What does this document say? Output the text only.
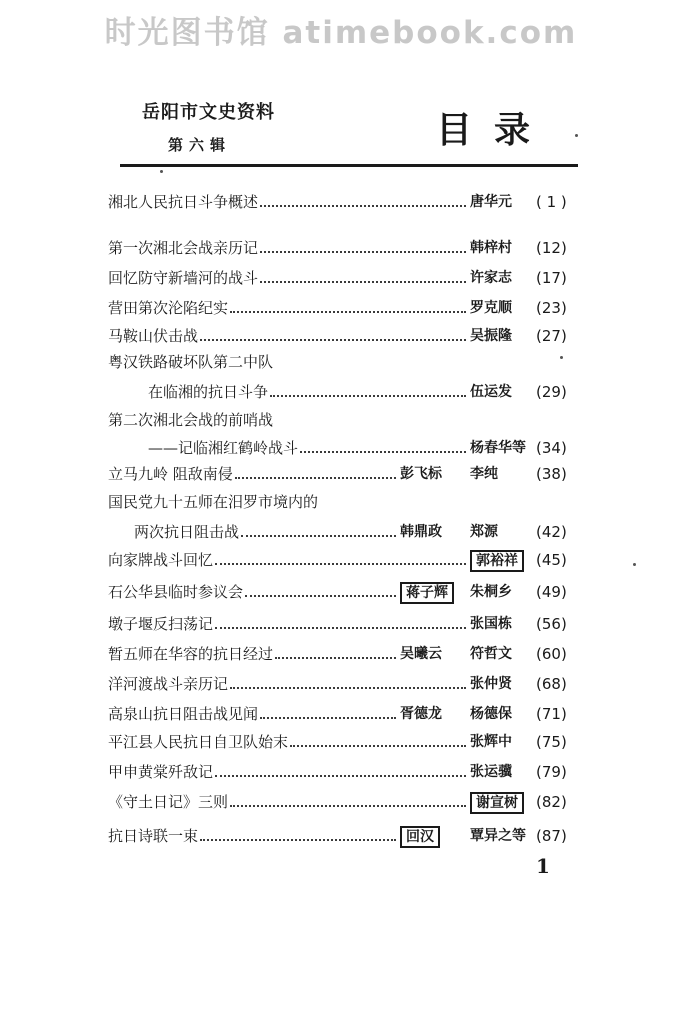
时光图书馆 atimebook.com
岳阳市文史资料
第六辑	目录
湘北人民抗日斗争概述	唐华元 ( 1 )
第一次湘北会战亲历记	韩梓村 (12)
回忆防守新墙河的战斗	许家志 (17)
营田第次沦陷纪实	罗克顺 (23)
马鞍山伏击战	吴振隆 (27)
粤汉铁路破坏队第二中队
在临湘的抗日斗争	伍运发 (29)
第二次湘北会战的前哨战
——记临湘红鹤岭战斗	杨春华等 (34)
立马九岭 阻敌南侵	彭飞标 李纯	(38)
国民党九十五师在汨罗市境内的
两次抗日阻击战	韩鼎政 郑源	(42)
向家牌战斗回忆	郭裕祥	(45)
石公华县临时参议会	蒋子辉	朱桐乡 (49)
墩子堰反扫荡记	张国栋 (56)
暂五师在华容的抗日经过	吴曦云 符哲文 (60)
洋河渡战斗亲历记	张仲贤 (68)
高泉山抗日阻击战见闻	胥德龙 杨德保 (71)
平江县人民抗日自卫队始末	张辉中 (75)
甲申黄棠歼敌记	张运骥 (79)
《守土日记》三则	谢宣树	(82)
抗日诗联一束	回汉	覃异之等 (87)
1
